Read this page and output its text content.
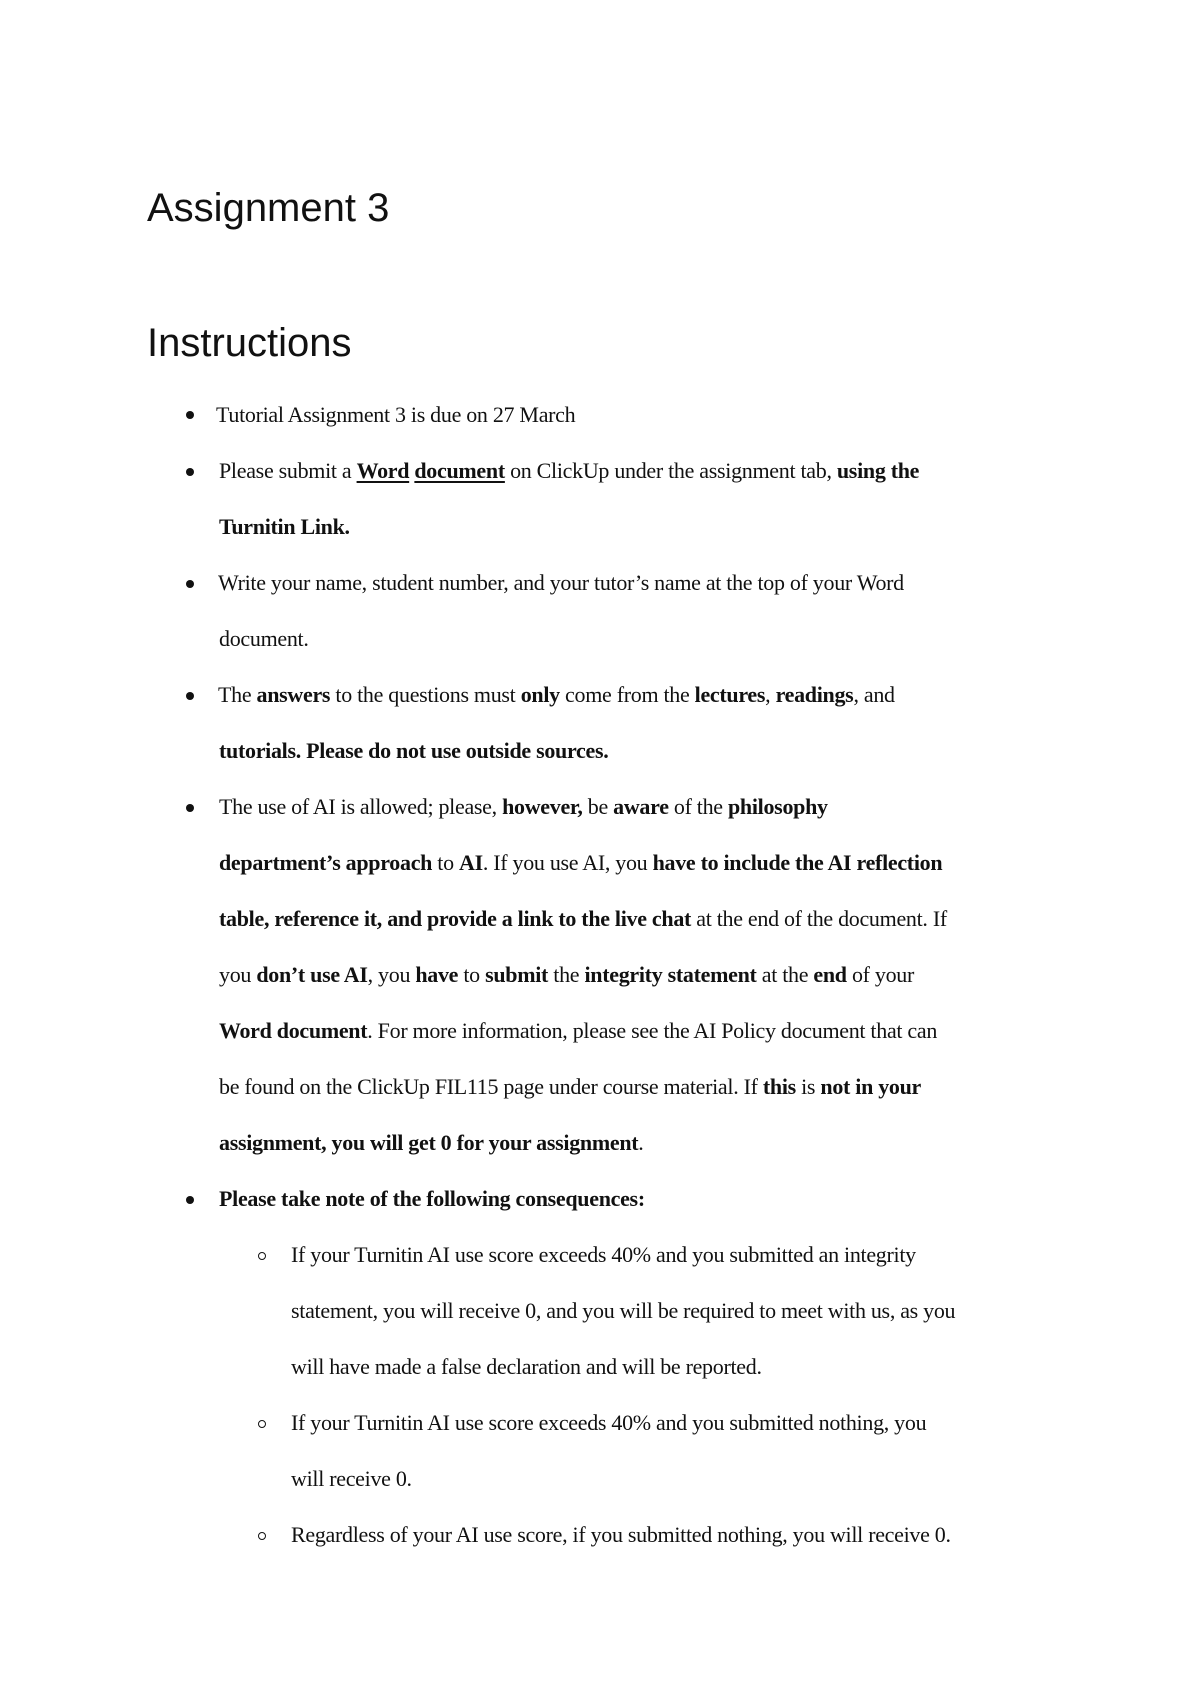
Assignment 3
Instructions
Tutorial Assignment 3 is due on 27 March
Please submit a Word document on ClickUp under the assignment tab, using the
Turnitin Link.
Write your name, student number, and your tutor’s name at the top of your Word
document.
The answers to the questions must only come from the lectures, readings, and
tutorials. Please do not use outside sources.
The use of AI is allowed; please, however, be aware of the philosophy
department’s approach to AI. If you use AI, you have to include the AI reflection
table, reference it, and provide a link to the live chat at the end of the document. If
you don’t use AI, you have to submit the integrity statement at the end of your
Word document. For more information, please see the AI Policy document that can
be found on the ClickUp FIL115 page under course material. If this is not in your
assignment, you will get 0 for your assignment.
Please take note of the following consequences:
If your Turnitin AI use score exceeds 40% and you submitted an integrity
statement, you will receive 0, and you will be required to meet with us, as you
will have made a false declaration and will be reported.
If your Turnitin AI use score exceeds 40% and you submitted nothing, you
will receive 0.
Regardless of your AI use score, if you submitted nothing, you will receive 0.
